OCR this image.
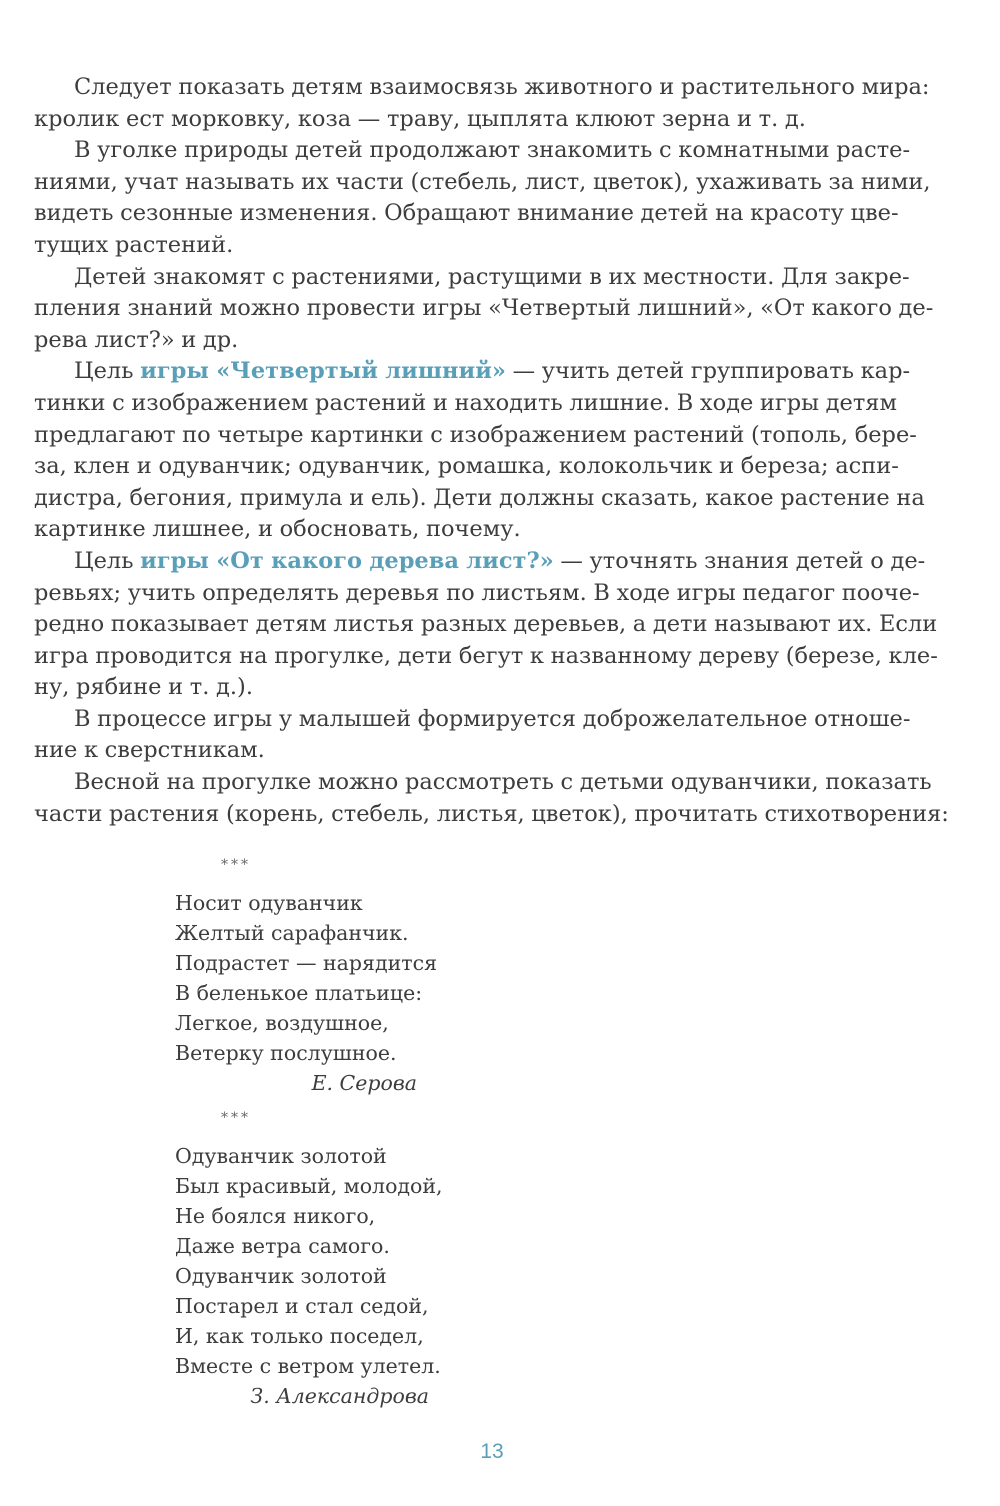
Следует показать детям взаимосвязь животного и растительного мира:
кролик ест морковку, коза — траву, цыплята клюют зерна и т. д.

В уголке природы детей продолжают знакомить с комнатными расте-
ниями, учат называть их части (стебель, лист, цветок), ухаживать за ними,
видеть сезонные изменения. Обращают внимание детей на красоту цве-
тущих растений.

Детей знакомят с растениями, растущими в их местности. Для закре-
пления знаний можно провести игры «Четвертый лишний», «От какого де-
рева лист?» и др.

Цель игры «Четвертый лишний» — учить детей группировать кар-
тинки с изображением растений и находить лишние. В ходе игры детям
предлагают по четыре картинки с изображением растений (тополь, бере-
за, клен и одуванчик; одуванчик, ромашка, колокольчик и береза; аспи-
дистра, бегония, примула и ель). Дети должны сказать, какое растение на
картинке лишнее, и обосновать, почему.

Цель игры «От какого дерева лист?» — уточнять знания детей о де-
ревьях; учить определять деревья по листьям. В ходе игры педагог пооче-
редно показывает детям листья разных деревьев, а дети называют их. Если
игра проводится на прогулке, дети бегут к названному дереву (березе, кле-
ну, рябине и т. д.).

В процессе игры у малышей формируется доброжелательное отноше-
ние к сверстникам.

Весной на прогулке можно рассмотреть с детьми одуванчики, показать
части растения (корень, стебель, листья, цветок), прочитать стихотворения:

***
Носит одуванчик
Желтый сарафанчик.
Подрастет — нарядится
В беленькое платьице:
Легкое, воздушное,
Ветерку послушное.
Е. Серова
***
Одуванчик золотой
Был красивый, молодой,
Не боялся никого,
Даже ветра самого.
Одуванчик золотой
Постарел и стал седой,
И, как только поседел,
Вместе с ветром улетел.
З. Александрова
13
